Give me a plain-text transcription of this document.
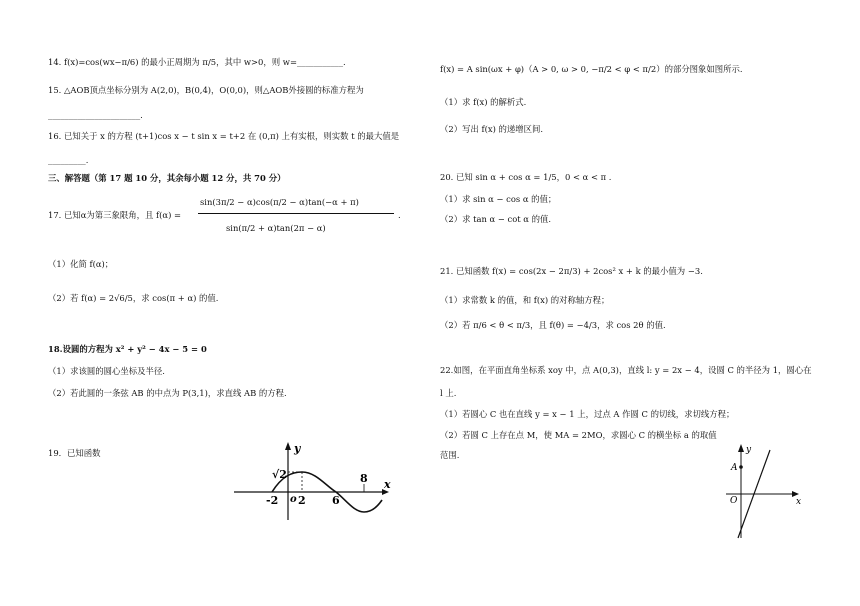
14. f(x)=cos(wx−π/6) 的最小正周期为 π/5，其中 w>0，则 w=___________.
15. △AOB顶点坐标分别为 A(2,0)，B(0,4)，O(0,0)，则△AOB外接圆的标准方程为
______________________.
16. 已知关于 x 的方程 (t+1)cos x − t sin x = t+2 在 (0,π) 上有实根，则实数 t 的最大值是
_________.
三、解答题（第 17 题 10 分，其余每小题 12 分，共 70 分）
17. 已知α为第三象限角，且 f(α) =
sin(3π/2 − α)cos(π/2 − α)tan(−α + π)
sin(π/2 + α)tan(2π − α)
.
（1）化简 f(α)；
（2）若 f(α) = 2√6/5，求 cos(π + α) 的值.
18.设圆的方程为 x² + y² − 4x − 5 = 0
（1）求该圆的圆心坐标及半径.
（2）若此圆的一条弦 AB 的中点为 P(3,1)，求直线 AB 的方程.
19．已知函数	y
x
√2
-2 o 2 6
8
f(x) = A sin(ωx + φ)（A > 0, ω > 0, −π/2 < φ < π/2）的部分图象如图所示.
（1）求 f(x) 的解析式.
（2）写出 f(x) 的递增区间.
20. 已知 sin α + cos α = 1/5，0 < α < π .
（1）求 sin α − cos α 的值；
（2）求 tan α − cot α 的值.
21. 已知函数 f(x) = cos(2x − 2π/3) + 2cos² x + k 的最小值为 −3.
（1）求常数 k 的值，和 f(x) 的对称轴方程；
（2）若 π/6 < θ < π/3，且 f(θ) = −4/3，求 cos 2θ 的值.
22.如图，在平面直角坐标系 xoy 中，点 A(0,3)，直线 l: y = 2x − 4，设圆 C 的半径为 1，圆心在
l 上.
（1）若圆心 C 也在直线 y = x − 1 上，过点 A 作圆 C 的切线，求切线方程；
（2）若圆 C 上存在点 M，使 MA = 2MO，求圆心 C 的横坐标 a 的取值
范围.	y
x
A
O
